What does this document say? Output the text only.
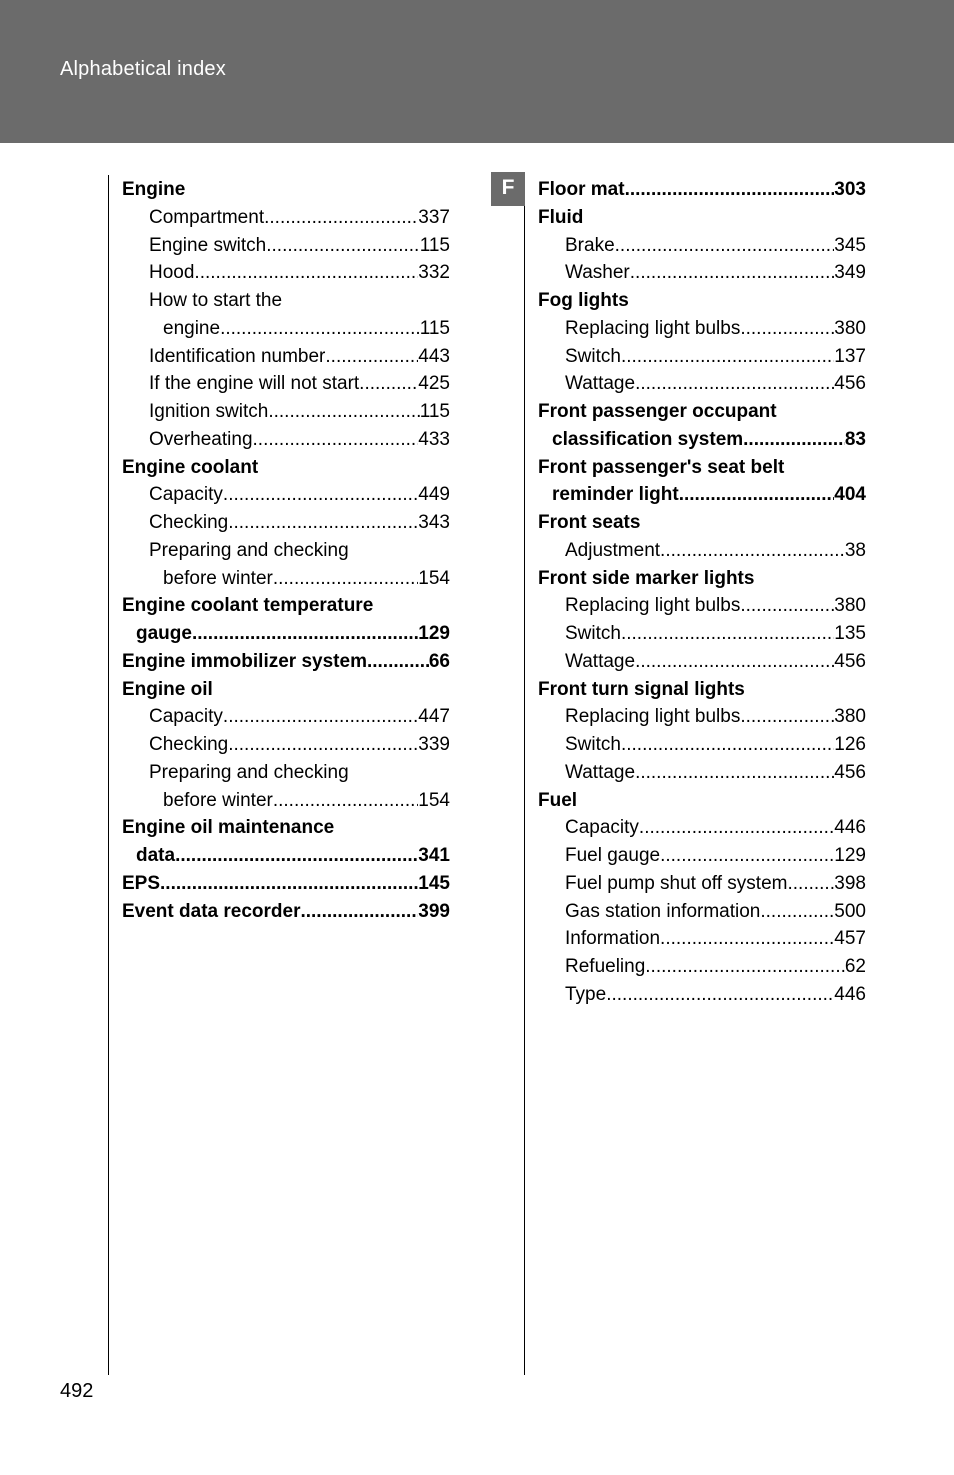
Alphabetical index
Engine
Compartment .....	337
Engine switch .....	115
Hood .....	332
How to start the
engine .....	115
Identification number .....	443
If the engine will not start .....	425
Ignition switch .....	115
Overheating .....	433
Engine coolant
Capacity .....	449
Checking .....	343
Preparing and checking
before winter .....	154
Engine coolant temperature
gauge .....	129
Engine immobilizer system .....	66
Engine oil
Capacity .....	447
Checking .....	339
Preparing and checking
before winter .....	154
Engine oil maintenance
data .....	341
EPS .....	145
Event data recorder .....	399
F	Floor mat .....	303
Fluid
Brake .....	345
Washer .....	349
Fog lights
Replacing light bulbs .....	380
Switch .....	137
Wattage .....	456
Front passenger occupant
classification system .....	83
Front passenger's seat belt
reminder light .....	404
Front seats
Adjustment .....	38
Front side marker lights
Replacing light bulbs .....	380
Switch .....	135
Wattage .....	456
Front turn signal lights
Replacing light bulbs .....	380
Switch .....	126
Wattage .....	456
Fuel
Capacity .....	446
Fuel gauge .....	129
Fuel pump shut off system ..... 398
Gas station information .....	500
Information .....	457
Refueling .....	62
Type .....	446
492
